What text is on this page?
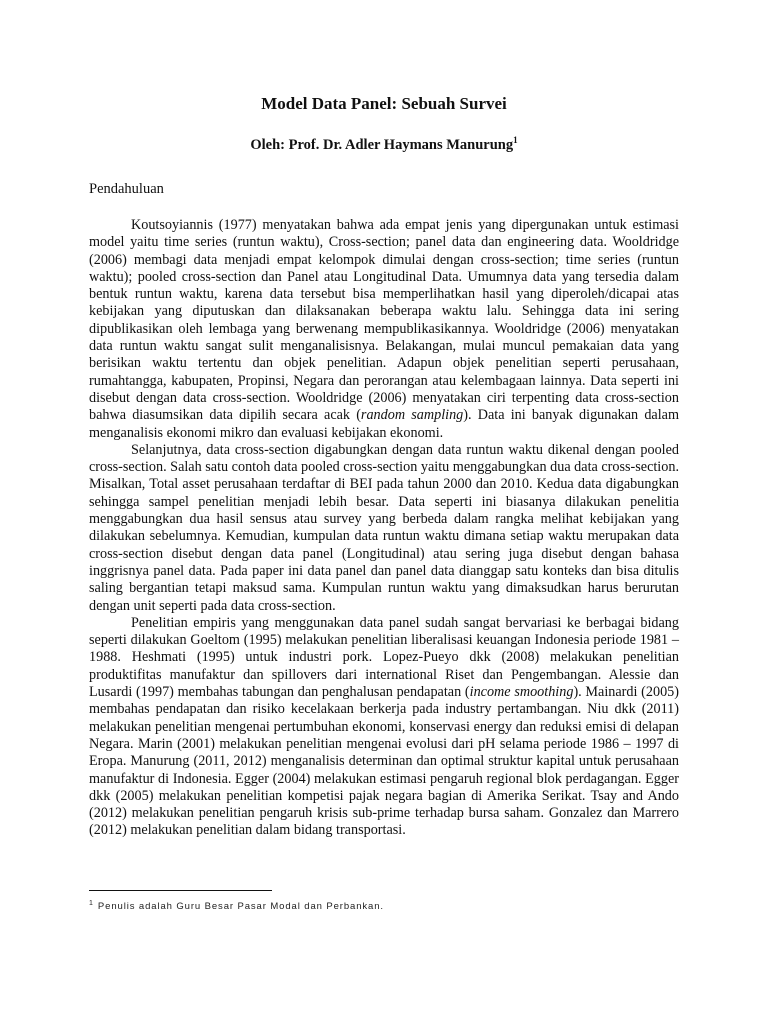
Model Data Panel: Sebuah Survei
Oleh: Prof. Dr. Adler Haymans Manurung$^1$
Pendahuluan

Koutsoyiannis (1977) menyatakan bahwa ada empat jenis yang dipergunakan untuk estimasi model yaitu time series (runtun waktu), Cross-section; panel data dan engineering data. Wooldridge (2006) membagi data menjadi empat kelompok dimulai dengan cross-section; time series (runtun waktu); pooled cross-section dan Panel atau Longitudinal Data. Umumnya data yang tersedia dalam bentuk runtun waktu, karena data tersebut bisa memperlihatkan hasil yang diperoleh/dicapai atas kebijakan yang diputuskan dan dilaksanakan beberapa waktu lalu. Sehingga data ini sering dipublikasikan oleh lembaga yang berwenang mempublikasikannya. Wooldridge (2006) menyatakan data runtun waktu sangat sulit menganalisisnya. Belakangan, mulai muncul pemakaian data yang berisikan waktu tertentu dan objek penelitian. Adapun objek penelitian seperti perusahaan, rumahtangga, kabupaten, Propinsi, Negara dan perorangan atau kelembagaan lainnya. Data seperti ini disebut dengan data cross-section. Wooldridge (2006) menyatakan ciri terpenting data cross-section bahwa diasumsikan data dipilih secara acak (random sampling). Data ini banyak digunakan dalam menganalisis ekonomi mikro dan evaluasi kebijakan ekonomi.

Selanjutnya, data cross-section digabungkan dengan data runtun waktu dikenal dengan pooled cross-section. Salah satu contoh data pooled cross-section yaitu menggabungkan dua data cross-section. Misalkan, Total asset perusahaan terdaftar di BEI pada tahun 2000 dan 2010. Kedua data digabungkan sehingga sampel penelitian menjadi lebih besar. Data seperti ini biasanya dilakukan penelitia menggabungkan dua hasil sensus atau survey yang berbeda dalam rangka melihat kebijakan yang dilakukan sebelumnya. Kemudian, kumpulan data runtun waktu dimana setiap waktu merupakan data cross-section disebut dengan data panel (Longitudinal) atau sering juga disebut dengan bahasa inggrisnya panel data. Pada paper ini data panel dan panel data dianggap satu konteks dan bisa ditulis saling bergantian tetapi maksud sama. Kumpulan runtun waktu yang dimaksudkan harus berurutan dengan unit seperti pada data cross-section.

Penelitian empiris yang menggunakan data panel sudah sangat bervariasi ke berbagai bidang seperti dilakukan Goeltom (1995) melakukan penelitian liberalisasi keuangan Indonesia periode 1981 – 1988. Heshmati (1995) untuk industri pork. Lopez-Pueyo dkk (2008) melakukan penelitian produktifitas manufaktur dan spillovers dari international Riset dan Pengembangan. Alessie dan Lusardi (1997) membahas tabungan dan penghalusan pendapatan (income smoothing). Mainardi (2005) membahas pendapatan dan risiko kecelakaan berkerja pada industry pertambangan. Niu dkk (2011) melakukan penelitian mengenai pertumbuhan ekonomi, konservasi energy dan reduksi emisi di delapan Negara. Marin (2001) melakukan penelitian mengenai evolusi dari pH selama periode 1986 – 1997 di Eropa. Manurung (2011, 2012) menganalisis determinan dan optimal struktur kapital untuk perusahaan manufaktur di Indonesia. Egger (2004) melakukan estimasi pengaruh regional blok perdagangan. Egger dkk (2005) melakukan penelitian kompetisi pajak negara bagian di Amerika Serikat. Tsay and Ando (2012) melakukan penelitian pengaruh krisis sub-prime terhadap bursa saham. Gonzalez dan Marrero (2012) melakukan penelitian dalam bidang transportasi.

$^1$ Penulis adalah Guru Besar Pasar Modal dan Perbankan.
